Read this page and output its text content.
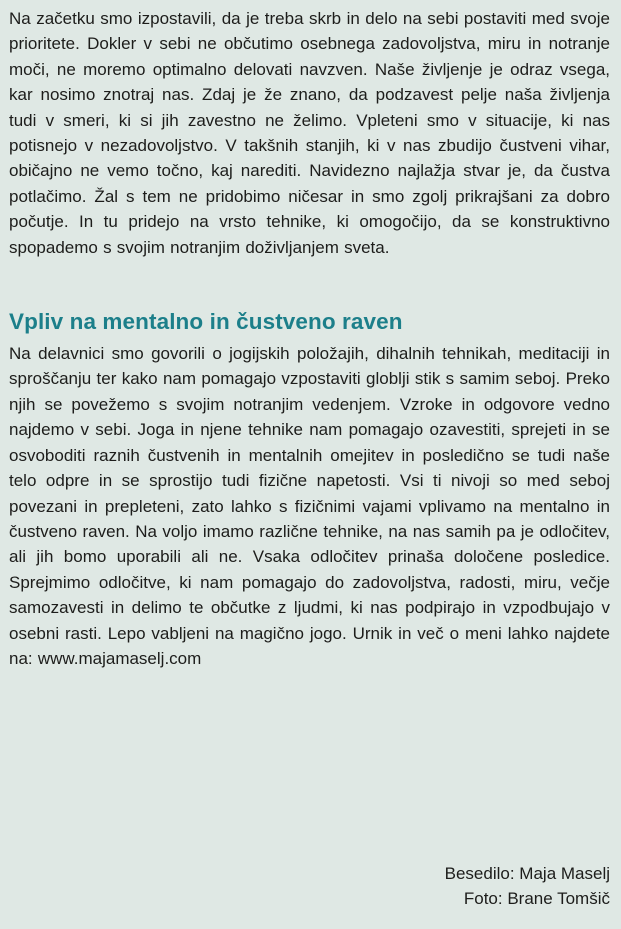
Na začetku smo izpostavili, da je treba skrb in delo na sebi postaviti med svoje prioritete. Dokler v sebi ne občutimo osebnega zadovoljstva, miru in notranje moči, ne moremo optimalno delovati navzven. Naše življenje je odraz vsega, kar nosimo znotraj nas. Zdaj je že znano, da podzavest pelje naša življenja tudi v smeri, ki si jih zavestno ne želimo. Vpleteni smo v situacije, ki nas potisnejo v nezadovoljstvo. V takšnih stanjih, ki v nas zbudijo čustveni vihar, običajno ne vemo točno, kaj narediti. Navidezno najlažja stvar je, da čustva potlačimo. Žal s tem ne pridobimo ničesar in smo zgolj prikrajšani za dobro počutje. In tu pridejo na vrsto tehnike, ki omogočijo, da se konstruktivno spopademo s svojim notranjim doživljanjem sveta.

Vpliv na mentalno in čustveno raven

Na delavnici smo govorili o jogijskih položajih, dihalnih tehnikah, meditaciji in sproščanju ter kako nam pomagajo vzpostaviti globlji stik s samim seboj. Preko njih se povežemo s svojim notranjim vedenjem. Vzroke in odgovore vedno najdemo v sebi. Joga in njene tehnike nam pomagajo ozavestiti, sprejeti in se osvoboditi raznih čustvenih in mentalnih omejitev in posledično se tudi naše telo odpre in se sprostijo tudi fizične napetosti. Vsi ti nivoji so med seboj povezani in prepleteni, zato lahko s fizičnimi vajami vplivamo na mentalno in čustveno raven. Na voljo imamo različne tehnike, na nas samih pa je odločitev, ali jih bomo uporabili ali ne. Vsaka odločitev prinaša določene posledice. Sprejmimo odločitve, ki nam pomagajo do zadovoljstva, radosti, miru, večje samozavesti in delimo te občutke z ljudmi, ki nas podpirajo in vzpodbujajo v osebni rasti. Lepo vabljeni na magično jogo. Urnik in več o meni lahko najdete na: www.majamaselj.com

Besedilo: Maja Maselj
Foto: Brane Tomšič
